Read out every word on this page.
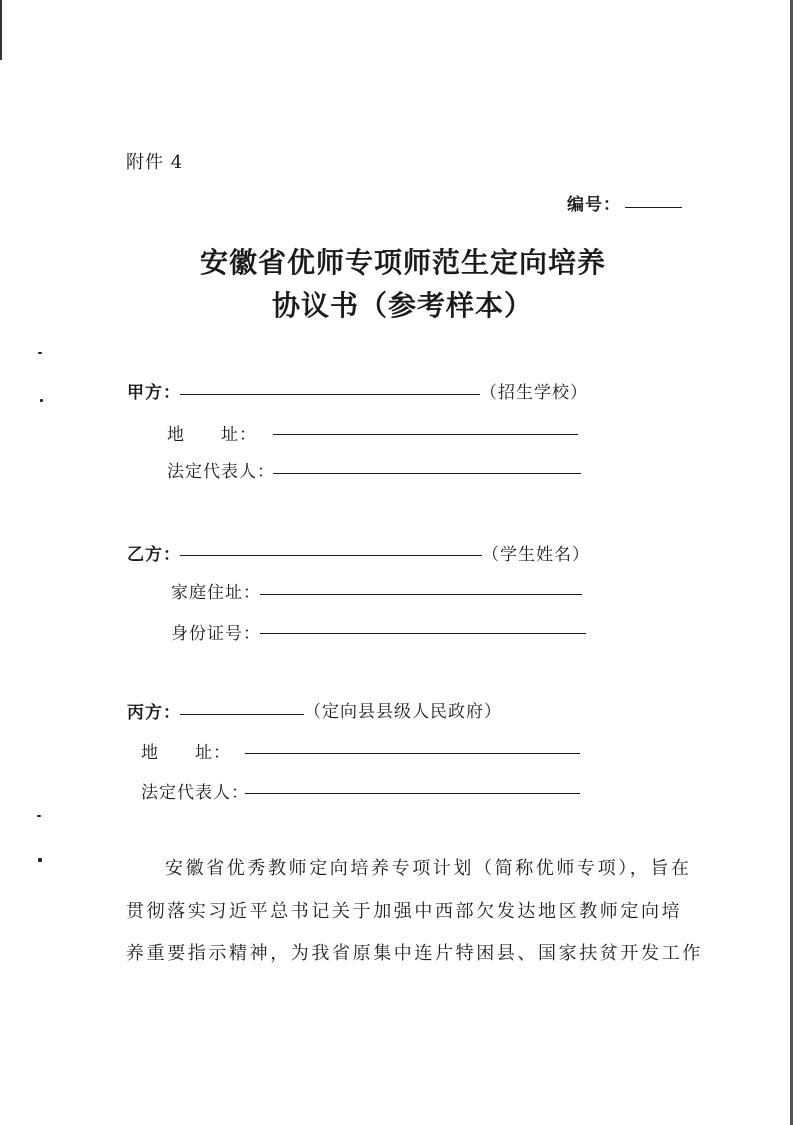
附件 4
编号：
安徽省优师专项师范生定向培养
协议书（参考样本）
甲方：	（招生学校）
地　　址：
法定代表人：
乙方：	（学生姓名）
家庭住址：
身份证号：
丙方：	（定向县县级人民政府）
地　　址：
法定代表人：
安徽省优秀教师定向培养专项计划（简称优师专项），旨在
贯彻落实习近平总书记关于加强中西部欠发达地区教师定向培
养重要指示精神，为我省原集中连片特困县、国家扶贫开发工作
